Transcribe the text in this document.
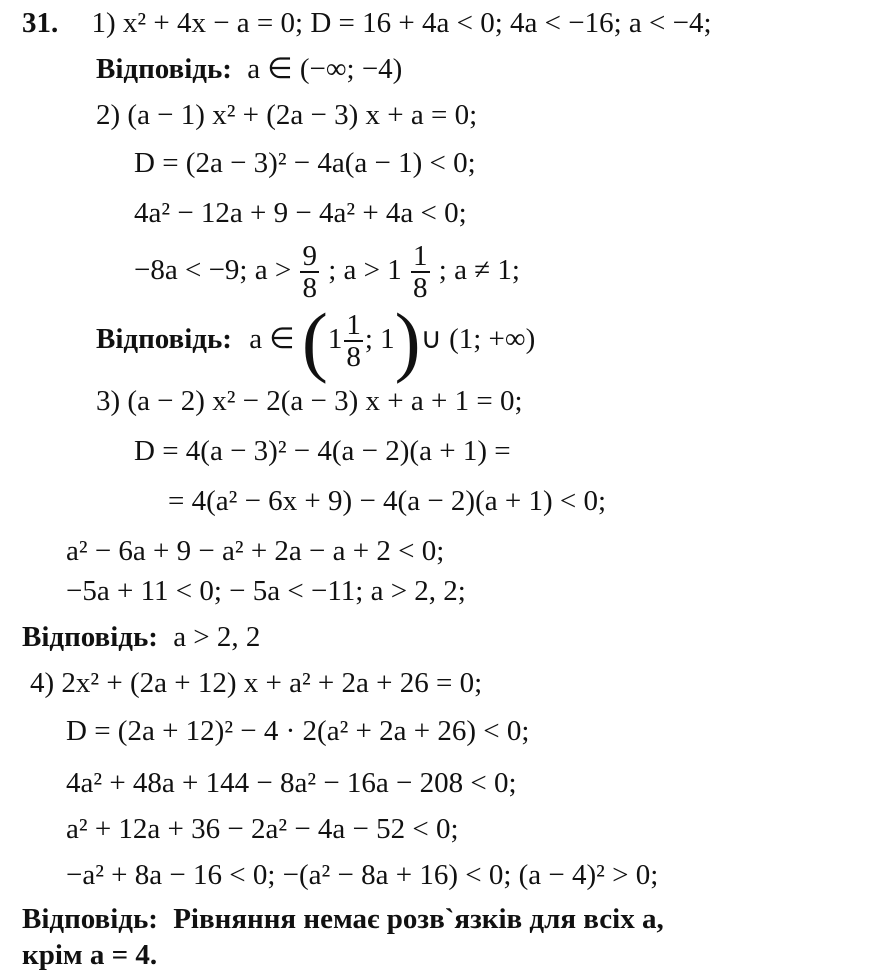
31. 1) x² + 4x − a = 0; D = 16 + 4a < 0; 4a < −16; a < −4;
Відповідь: a ∈ (−∞; −4)
2) (a − 1) x² + (2a − 3) x + a = 0;
D = (2a − 3)² − 4a(a − 1) < 0;
4a² − 12a + 9 − 4a² + 4a < 0;
−8a < −9; $a > \frac{9}{8}$ ; $a > 1 \frac{1}{8}$ ; a ≠ 1;
Відповідь: a ∈ ($1 \frac{1}{8}$ ; 1)∪ (1; +∞)
3) (a − 2) x² − 2(a − 3) x + a + 1 = 0;
D = 4(a − 3)² − 4(a − 2)(a + 1) =
= 4(a² − 6x + 9) − 4(a − 2)(a + 1) < 0;
a² − 6a + 9 − a² + 2a − a + 2 < 0;
−5a + 11 < 0; − 5a < −11; a > 2, 2;
Відповідь: a > 2, 2
4) 2x² + (2a + 12) x + a² + 2a + 26 = 0;
D = (2a + 12)² − 4 · 2(a² + 2a + 26) < 0;
4a² + 48a + 144 − 8a² − 16a − 208 < 0;
a² + 12a + 36 − 2a² − 4a − 52 < 0;
−a² + 8a − 16 < 0; −(a² − 8a + 16) < 0; (a − 4)² > 0;
Відповідь: Рівняння немає розв`язків для всіх a,
крім a = 4.
